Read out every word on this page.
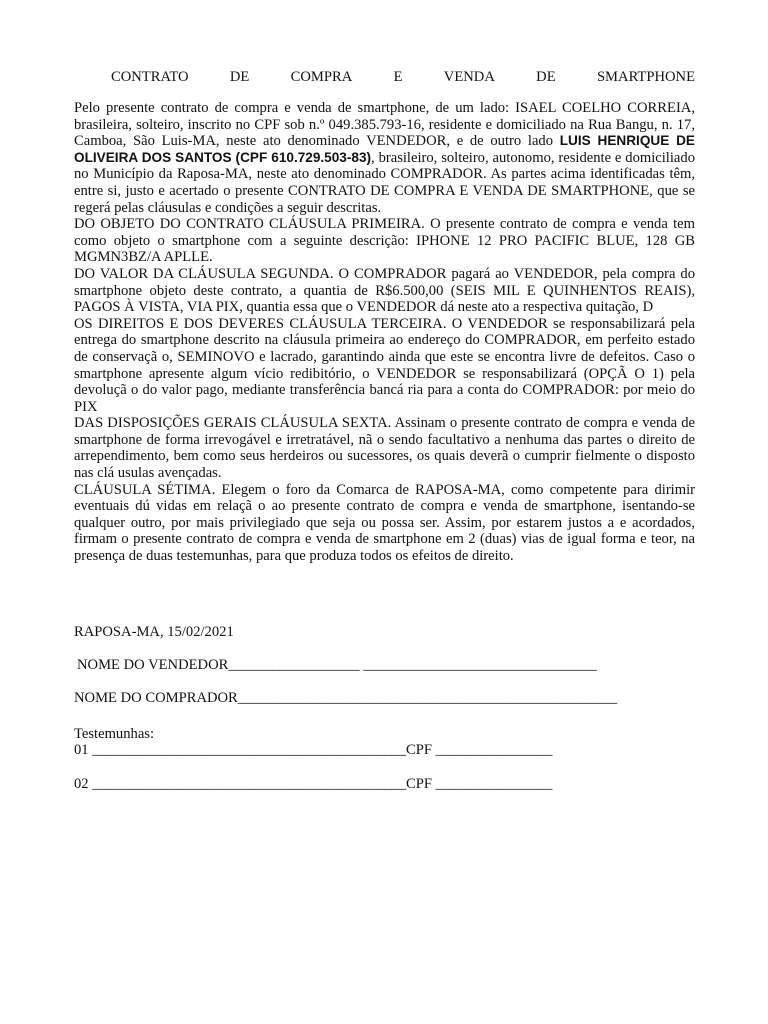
CONTRATO	DE	COMPRA	E	VENDA	DE	SMARTPHONE

Pelo presente contrato de compra e venda de smartphone, de um lado: ISAEL COELHO CORREIA, brasileira, solteiro, inscrito no CPF sob n.º 049.385.793-16, residente e domiciliado na Rua Bangu, n. 17, Camboa, São Luis-MA, neste ato denominado VENDEDOR, e de outro lado LUIS HENRIQUE DE OLIVEIRA DOS SANTOS (CPF 610.729.503-83), brasileiro, solteiro, autonomo, residente e domiciliado no Município da Raposa-MA, neste ato denominado COMPRADOR. As partes acima identificadas têm, entre si, justo e acertado o presente CONTRATO DE COMPRA E VENDA DE SMARTPHONE, que se regerá pelas cláusulas e condições a seguir descritas.

DO OBJETO DO CONTRATO CLÁUSULA PRIMEIRA. O presente contrato de compra e venda tem como objeto o smartphone com a seguinte descrição: IPHONE 12 PRO PACIFIC BLUE, 128 GB MGMN3BZ/A APLLE.

DO VALOR DA CLÁUSULA SEGUNDA. O COMPRADOR pagará ao VENDEDOR, pela compra do smartphone objeto deste contrato, a quantia de R$6.500,00 (SEIS MIL E QUINHENTOS REAIS), PAGOS À VISTA, VIA PIX, quantia essa que o VENDEDOR dá neste ato a respectiva quitação, D

OS DIREITOS E DOS DEVERES CLÁUSULA TERCEIRA. O VENDEDOR se responsabilizará pela entrega do smartphone descrito na cláusula primeira ao endereço do COMPRADOR, em perfeito estado de conservaçã o, SEMINOVO e lacrado, garantindo ainda que este se encontra livre de defeitos. Caso o smartphone apresente algum vício redibitório, o VENDEDOR se responsabilizará (OPÇÃ O 1) pela devoluçã o do valor pago, mediante transferência bancá ria para a conta do COMPRADOR: por meio do PIX

DAS DISPOSIÇÕES GERAIS CLÁUSULA SEXTA. Assinam o presente contrato de compra e venda de smartphone de forma irrevogável e irretratável, nã o sendo facultativo a nenhuma das partes o direito de arrependimento, bem como seus herdeiros ou sucessores, os quais deverã o cumprir fielmente o disposto nas clá usulas avençadas.

CLÁUSULA SÉTIMA. Elegem o foro da Comarca de RAPOSA-MA, como competente para dirimir eventuais dú vidas em relaçã o ao presente contrato de compra e venda de smartphone, isentando-se qualquer outro, por mais privilegiado que seja ou possa ser. Assim, por estarem justos a e acordados, firmam o presente contrato de compra e venda de smartphone em 2 (duas) vias de igual forma e teor, na presença de duas testemunhas, para que produza todos os efeitos de direito.

RAPOSA-MA, 15/02/2021
NOME DO VENDEDOR__________________ ________________________________
NOME DO COMPRADOR____________________________________________________
Testemunhas:
01 ___________________________________________CPF ________________
02 ___________________________________________CPF ________________
